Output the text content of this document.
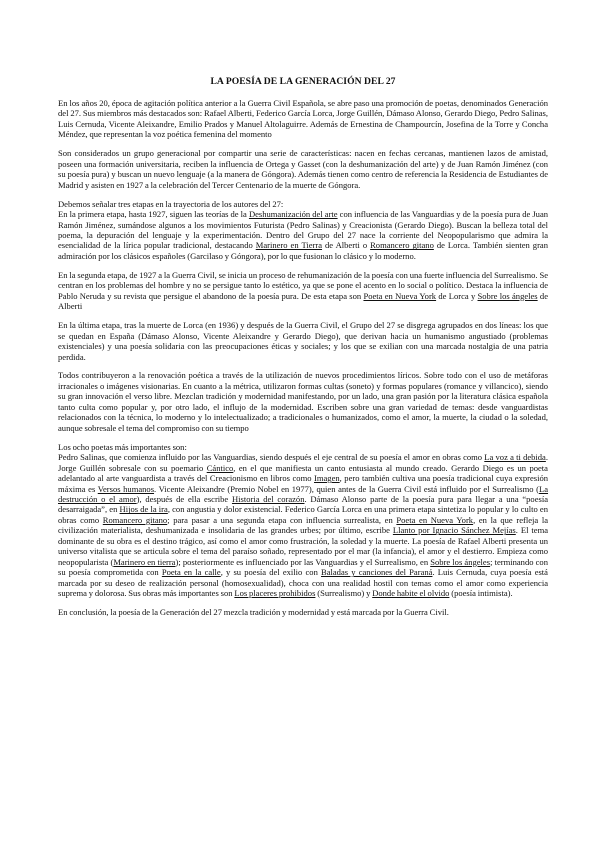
LA POESÍA DE LA GENERACIÓN DEL 27

En los años 20, época de agitación política anterior a la Guerra Civil Española, se abre paso una promoción de poetas, denominados Generación del 27. Sus miembros más destacados son: Rafael Alberti, Federico García Lorca, Jorge Guillén, Dámaso Alonso, Gerardo Diego, Pedro Salinas, Luis Cernuda, Vicente Aleixandre, Emilio Prados y Manuel Altolaguirre. Además de Ernestina de Champourcín, Josefina de la Torre y Concha Méndez, que representan la voz poética femenina del momento

Son considerados un grupo generacional por compartir una serie de características: nacen en fechas cercanas, mantienen lazos de amistad, poseen una formación universitaria, reciben la influencia de Ortega y Gasset (con la deshumanización del arte) y de Juan Ramón Jiménez (con su poesía pura) y buscan un nuevo lenguaje (a la manera de Góngora). Además tienen como centro de referencia la Residencia de Estudiantes de Madrid y asisten en 1927 a la celebración del Tercer Centenario de la muerte de Góngora.

Debemos señalar tres etapas en la trayectoria de los autores del 27:
En la primera etapa, hasta 1927, siguen las teorías de la Deshumanización del arte con influencia de las Vanguardias y de la poesía pura de Juan Ramón Jiménez, sumándose algunos a los movimientos Futurista (Pedro Salinas) y Creacionista (Gerardo Diego). Buscan la belleza total del poema, la depuración del lenguaje y la experimentación. Dentro del Grupo del 27 nace la corriente del Neopopularismo que admira la esencialidad de la lírica popular tradicional, destacando Marinero en Tierra de Alberti o Romancero gitano de Lorca. También sienten gran admiración por los clásicos españoles (Garcilaso y Góngora), por lo que fusionan lo clásico y lo moderno.

En la segunda etapa, de 1927 a la Guerra Civil, se inicia un proceso de rehumanización de la poesía con una fuerte influencia del Surrealismo. Se centran en los problemas del hombre y no se persigue tanto lo estético, ya que se pone el acento en lo social o político. Destaca la influencia de Pablo Neruda y su revista que persigue el abandono de la poesía pura. De esta etapa son Poeta en Nueva York de Lorca y Sobre los ángeles de Alberti

En la última etapa, tras la muerte de Lorca (en 1936) y después de la Guerra Civil, el Grupo del 27 se disgrega agrupados en dos líneas: los que se quedan en España (Dámaso Alonso, Vicente Aleixandre y Gerardo Diego), que derivan hacia un humanismo angustiado (problemas existenciales) y una poesía solidaria con las preocupaciones éticas y sociales; y los que se exilian con una marcada nostalgia de una patria perdida.

Todos contribuyeron a la renovación poética a través de la utilización de nuevos procedimientos líricos. Sobre todo con el uso de metáforas irracionales o imágenes visionarias. En cuanto a la métrica, utilizaron formas cultas (soneto) y formas populares (romance y villancico), siendo su gran innovación el verso libre. Mezclan tradición y modernidad manifestando, por un lado, una gran pasión por la literatura clásica española tanto culta como popular y, por otro lado, el influjo de la modernidad. Escriben sobre una gran variedad de temas: desde vanguardistas relacionados con la técnica, lo moderno y lo intelectualizado; a tradicionales o humanizados, como el amor, la muerte, la ciudad o la soledad, aunque sobresale el tema del compromiso con su tiempo

Los ocho poetas más importantes son:
Pedro Salinas, que comienza influido por las Vanguardias, siendo después el eje central de su poesía el amor en obras como La voz a ti debida. Jorge Guillén sobresale con su poemario Cántico, en el que manifiesta un canto entusiasta al mundo creado. Gerardo Diego es un poeta adelantado al arte vanguardista a través del Creacionismo en libros como Imagen, pero también cultiva una poesía tradicional cuya expresión máxima es Versos humanos. Vicente Aleixandre (Premio Nobel en 1977), quien antes de la Guerra Civil está influido por el Surrealismo (La destrucción o el amor), después de ella escribe Historia del corazón. Dámaso Alonso parte de la poesía pura para llegar a una “poesía desarraigada”, en Hijos de la ira, con angustia y dolor existencial. Federico García Lorca en una primera etapa sintetiza lo popular y lo culto en obras como Romancero gitano; para pasar a una segunda etapa con influencia surrealista, en Poeta en Nueva York, en la que refleja la civilización materialista, deshumanizada e insolidaria de las grandes urbes; por último, escribe Llanto por Ignacio Sánchez Mejías. El tema dominante de su obra es el destino trágico, así como el amor como frustración, la soledad y la muerte. La poesía de Rafael Alberti presenta un universo vitalista que se articula sobre el tema del paraíso soñado, representado por el mar (la infancia), el amor y el destierro. Empieza como neopopularista (Marinero en tierra); posteriormente es influenciado por las Vanguardias y el Surrealismo, en Sobre los ángeles; terminando con su poesía comprometida con Poeta en la calle, y su poesía del exilio con Baladas y canciones del Paraná. Luis Cernuda, cuya poesía está marcada por su deseo de realización personal (homosexualidad), choca con una realidad hostil con temas como el amor como experiencia suprema y dolorosa. Sus obras más importantes son Los placeres prohibidos (Surrealismo) y Donde habite el olvido (poesía intimista).

En conclusión, la poesía de la Generación del 27 mezcla tradición y modernidad y está marcada por la Guerra Civil.
